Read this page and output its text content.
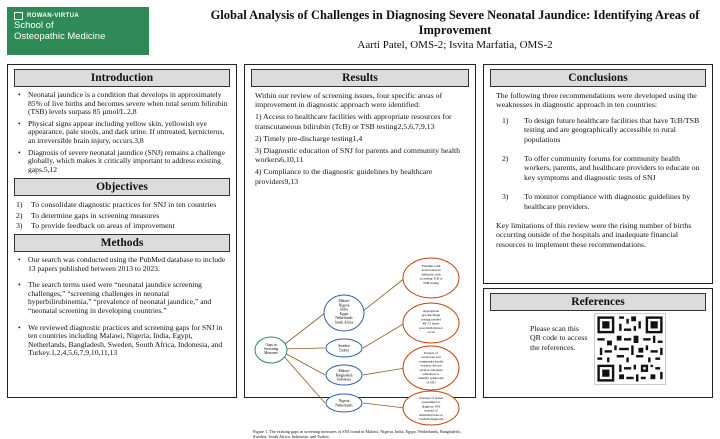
ROWAN-VIRTUA
School of
Osteopathic Medicine
Global Analysis of Challenges in Diagnosing Severe Neonatal Jaundice: Identifying Areas of Improvement
Aarti Patel, OMS-2; Isvita Marfatia, OMS-2
Introduction
• Neonatal jaundice is a condition that develops in approximately 85% of live births and becomes severe when total serum bilirubin (TSB) levels surpass 85 µmol/L.2,8
• Physical signs appear including yellow skin, yellowish eye appearance, pale stools, and dark urine. If untreated, kernicterus, an irreversible brain injury, occurs.3,8
• Diagnosis of severe neonatal jaundice (SNJ) remains a challenge globally, which makes it critically important to address existing gaps.5,12
Objectives
1)	To consolidate diagnostic practices for SNJ in ten countries
2)	To determine gaps in screening measures
3)	To provide feedback on areas of improvement
Methods
• Our search was conducted using the PubMed database to include 13 papers published between 2013 to 2023.
• The search terms used were “neonatal jaundice screening challenges,” “screening challenges in neonatal hyperbilirubinemia,” “prevalence of neonatal jaundice,” and “neonatal screening in developing countries.”
• We reviewed diagnostic practices and screening gaps for SNJ in ten countries including Malawi, Nigeria, India, Egypt, Netherlands, Bangladesh, Sweden, South Africa, Indonesia, and Turkey.1,2,4,5,6,7,9,10,11,13
Results
Within our review of screening issues, four specific areas of improvement in diagnostic approach were identified:
1) Access to healthcare facilities with appropriate resources for transcutaneous bilirubin (TcB) or TSB testing2,5,6,7,9,13
2) Timely pre-discharge testing1,4
3) Diagnostic education of SNJ for parents and community health workers6,10,11
4) Compliance to the diagnostic guidelines by healthcare providers9,13
Gaps in Screening Measures
Malawi Nigeria India Egypt Netherlands South Africa
Sweden Turkey
Malawi Bangladesh Indonesia
Nigeria Netherlands
Families with newborns had difficulty with accessing TcB or TSB testing
Appropriate pre-discharge testing needed 48–72 hours post-birth did not occur
Parents of newborns and community health workers did not receive adequate education to identify symptoms of SNJ
Overuse of visual assessment to diagnose SNJ instead of additional tests to confirm diagnosis
Figure 1. The existing gaps in screening measures of SNJ found in Malawi, Nigeria, India, Egypt, Netherlands, Bangladesh, Sweden, South Africa, Indonesia, and Turkey.
Conclusions
The following three recommendations were developed using the weaknesses in diagnostic approach in ten countries:
1)	To design future healthcare facilities that have TcB/TSB testing and are geographically accessible to rural populations
2)	To offer community forums for community health workers, parents, and healthcare providers to educate on key symptoms and diagnostic tests of SNJ
3)	To monitor compliance with diagnostic guidelines by healthcare providers.
Key limitations of this review were the rising number of births occurring outside of the hospitals and inadequate financial resources to implement these recommendations.
References
Please scan this QR code to access the references.
